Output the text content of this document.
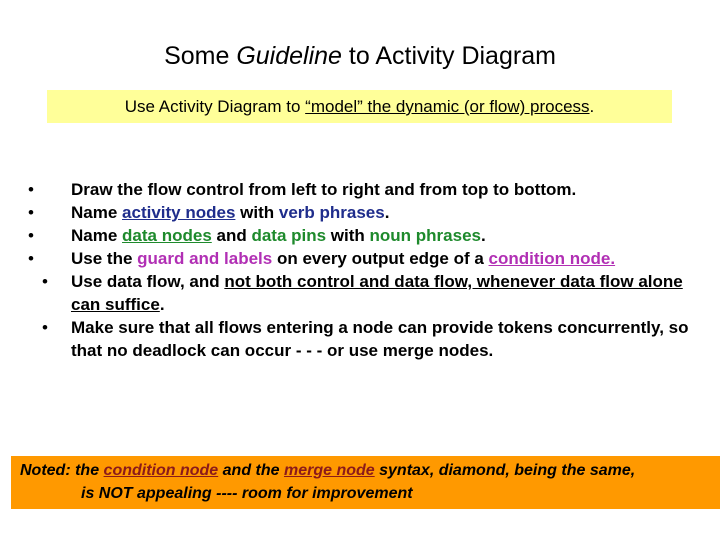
Some Guideline to Activity Diagram
Use Activity Diagram to “model” the dynamic (or flow) process.
• Draw the flow control from left to right and from top to bottom.
• Name activity nodes with verb phrases.
• Name data nodes and data pins with noun phrases.
• Use the guard and labels on every output edge of a condition node.
• Use data flow, and not both control and data flow, whenever data flow alone can suffice.
• Make sure that all flows entering a node can provide tokens concurrently, so that no deadlock can occur - - - or use merge nodes.
Noted: the condition node and the merge node syntax, diamond, being the same,
is NOT appealing ---- room for improvement
